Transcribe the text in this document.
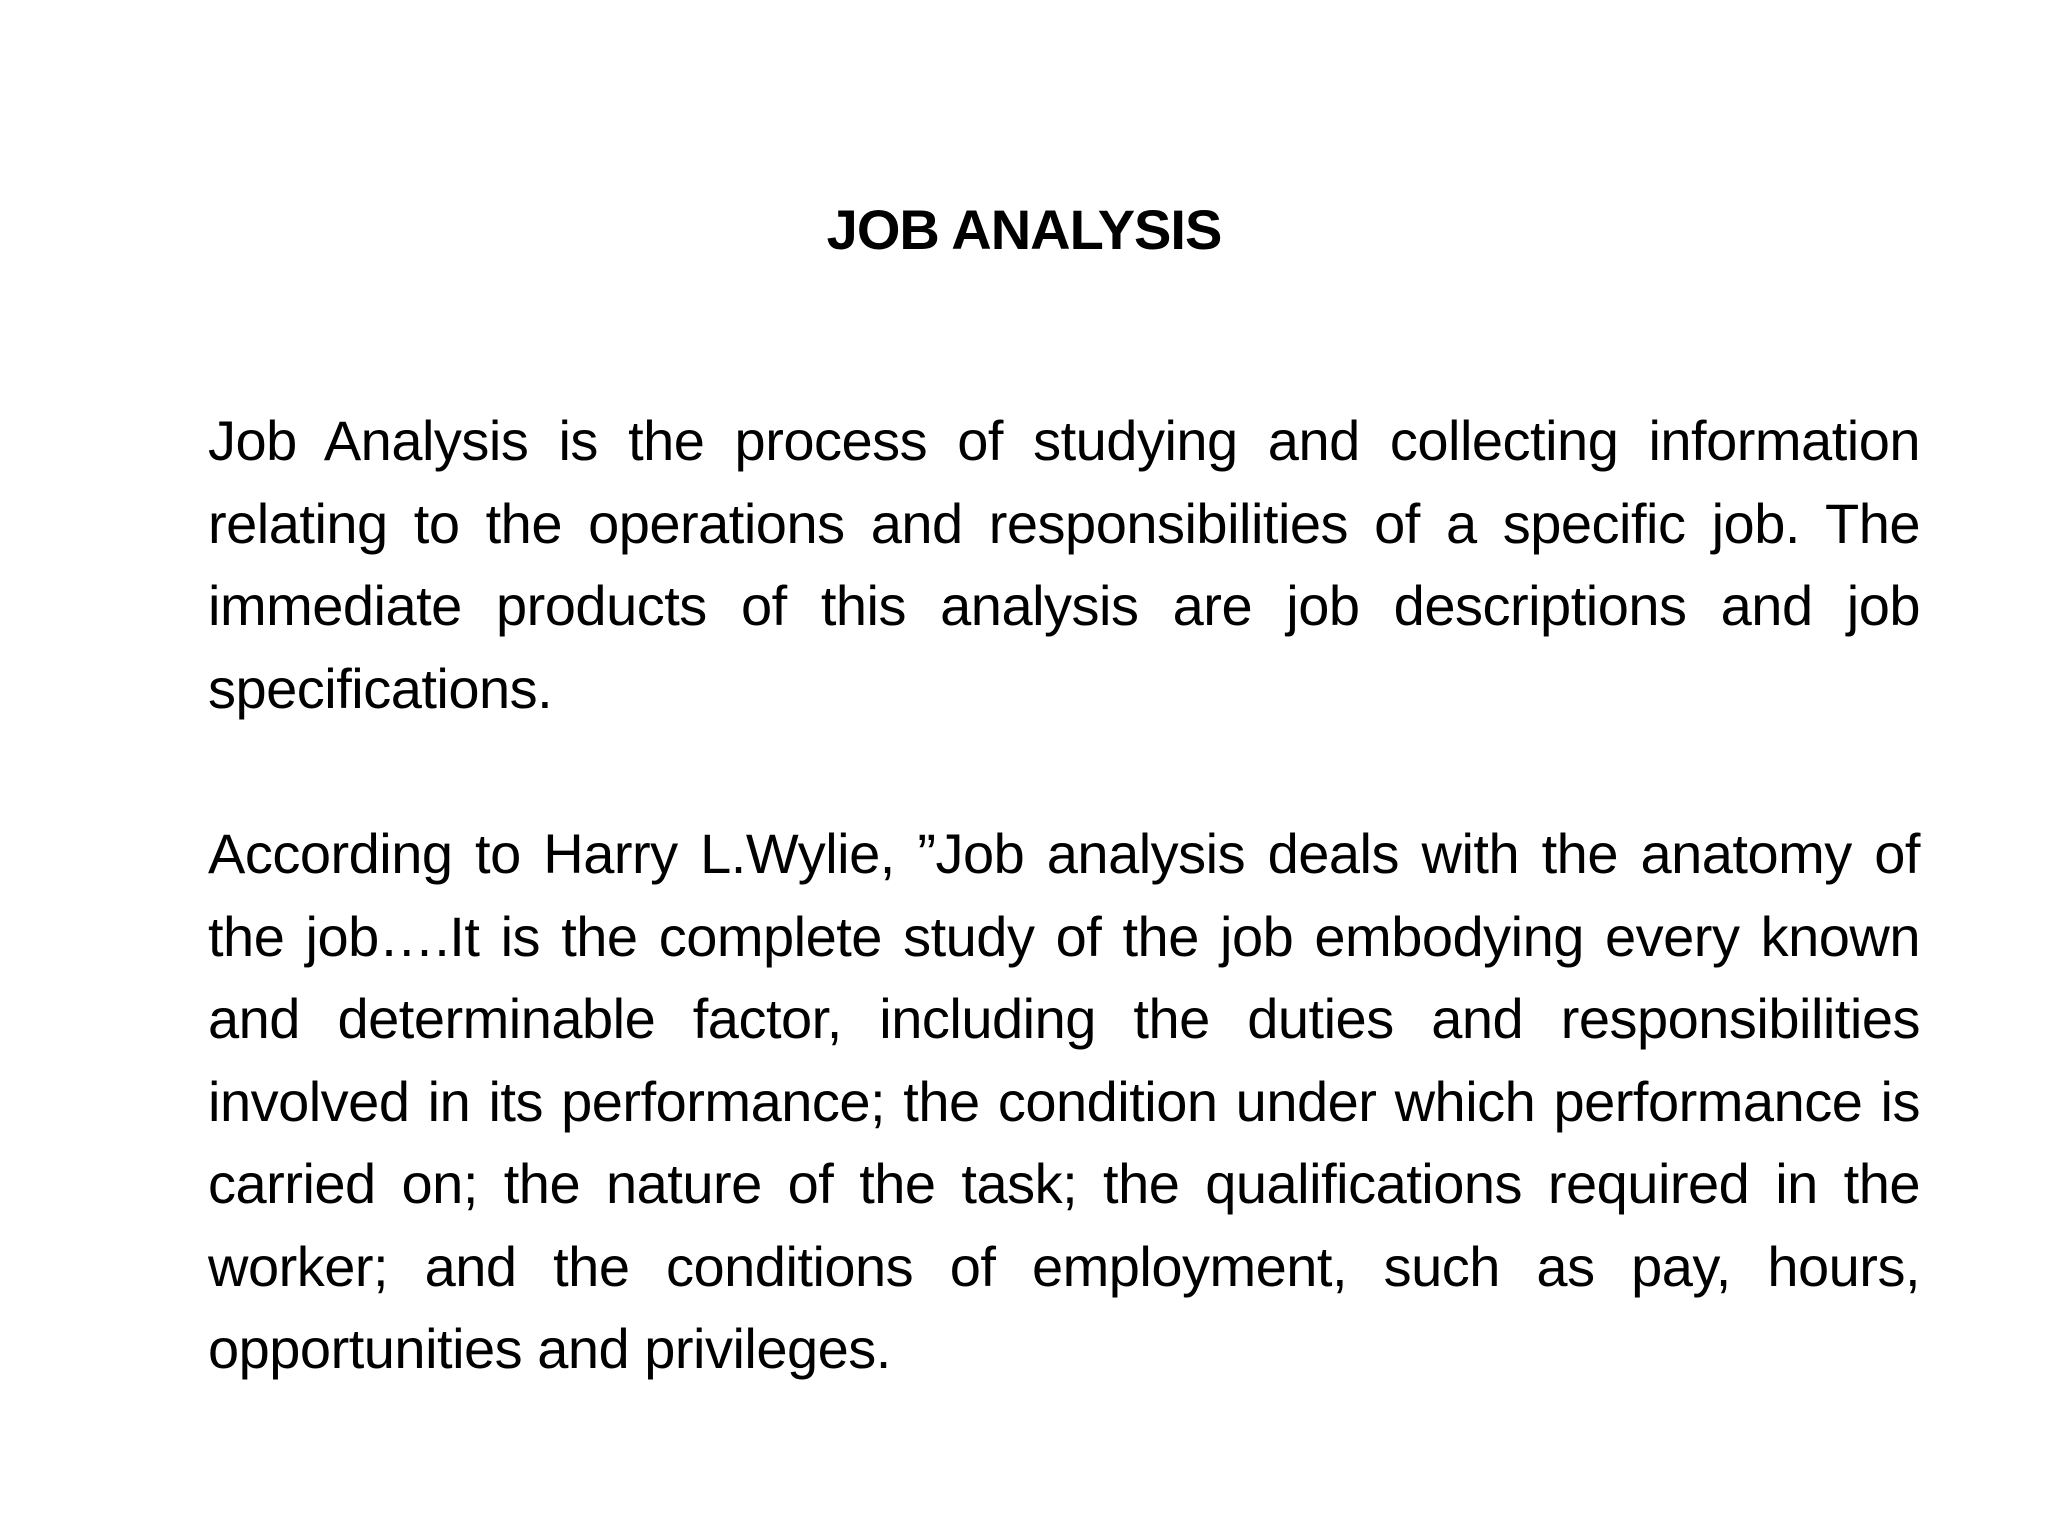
JOB ANALYSIS

Job Analysis is the process of studying and collecting information relating to the operations and responsibilities of a specific job. The immediate products of this analysis are job descriptions and job specifications.

According to Harry L.Wylie, ”Job analysis deals with the anatomy of the job….It is the complete study of the job embodying every known and determinable factor, including the duties and responsibilities involved in its performance; the condition under which performance is carried on; the nature of the task; the qualifications required in the worker; and the conditions of employment, such as pay, hours, opportunities and privileges.
